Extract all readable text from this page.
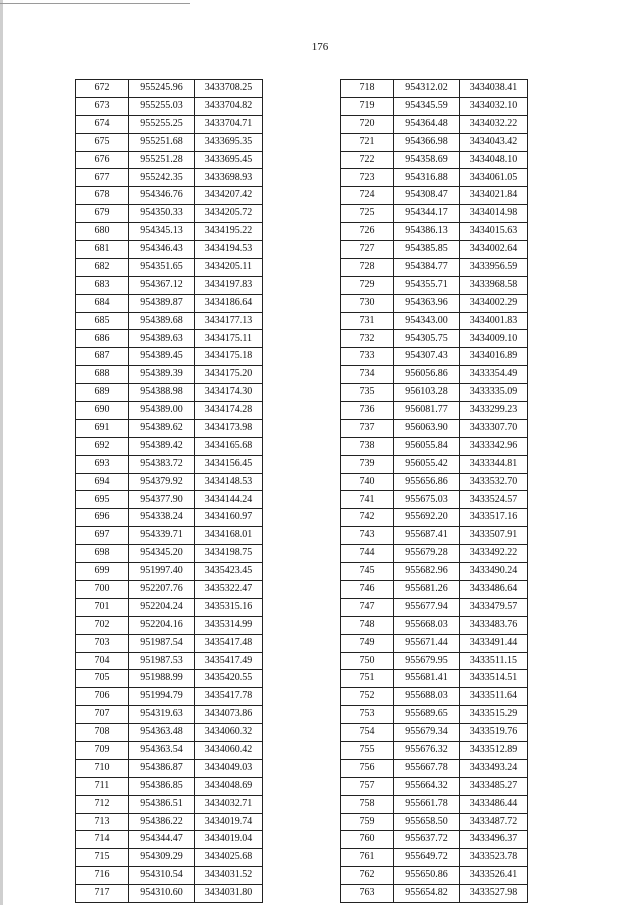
176
672	955245.96	3433708.25
673	955255.03	3433704.82
674	955255.25	3433704.71
675	955251.68	3433695.35
676	955251.28	3433695.45
677	955242.35	3433698.93
678	954346.76	3434207.42
679	954350.33	3434205.72
680	954345.13	3434195.22
681	954346.43	3434194.53
682	954351.65	3434205.11
683	954367.12	3434197.83
684	954389.87	3434186.64
685	954389.68	3434177.13
686	954389.63	3434175.11
687	954389.45	3434175.18
688	954389.39	3434175.20
689	954388.98	3434174.30
690	954389.00	3434174.28
691	954389.62	3434173.98
692	954389.42	3434165.68
693	954383.72	3434156.45
694	954379.92	3434148.53
695	954377.90	3434144.24
696	954338.24	3434160.97
697	954339.71	3434168.01
698	954345.20	3434198.75
699	951997.40	3435423.45
700	952207.76	3435322.47
701	952204.24	3435315.16
702	952204.16	3435314.99
703	951987.54	3435417.48
704	951987.53	3435417.49
705	951988.99	3435420.55
706	951994.79	3435417.78
707	954319.63	3434073.86
708	954363.48	3434060.32
709	954363.54	3434060.42
710	954386.87	3434049.03
711	954386.85	3434048.69
712	954386.51	3434032.71
713	954386.22	3434019.74
714	954344.47	3434019.04
715	954309.29	3434025.68
716	954310.54	3434031.52
717	954310.60	3434031.80
718	954312.02	3434038.41
719	954345.59	3434032.10
720	954364.48	3434032.22
721	954366.98	3434043.42
722	954358.69	3434048.10
723	954316.88	3434061.05
724	954308.47	3434021.84
725	954344.17	3434014.98
726	954386.13	3434015.63
727	954385.85	3434002.64
728	954384.77	3433956.59
729	954355.71	3433968.58
730	954363.96	3434002.29
731	954343.00	3434001.83
732	954305.75	3434009.10
733	954307.43	3434016.89
734	956056.86	3433354.49
735	956103.28	3433335.09
736	956081.77	3433299.23
737	956063.90	3433307.70
738	956055.84	3433342.96
739	956055.42	3433344.81
740	955656.86	3433532.70
741	955675.03	3433524.57
742	955692.20	3433517.16
743	955687.41	3433507.91
744	955679.28	3433492.22
745	955682.96	3433490.24
746	955681.26	3433486.64
747	955677.94	3433479.57
748	955668.03	3433483.76
749	955671.44	3433491.44
750	955679.95	3433511.15
751	955681.41	3433514.51
752	955688.03	3433511.64
753	955689.65	3433515.29
754	955679.34	3433519.76
755	955676.32	3433512.89
756	955667.78	3433493.24
757	955664.32	3433485.27
758	955661.78	3433486.44
759	955658.50	3433487.72
760	955637.72	3433496.37
761	955649.72	3433523.78
762	955650.86	3433526.41
763	955654.82	3433527.98
